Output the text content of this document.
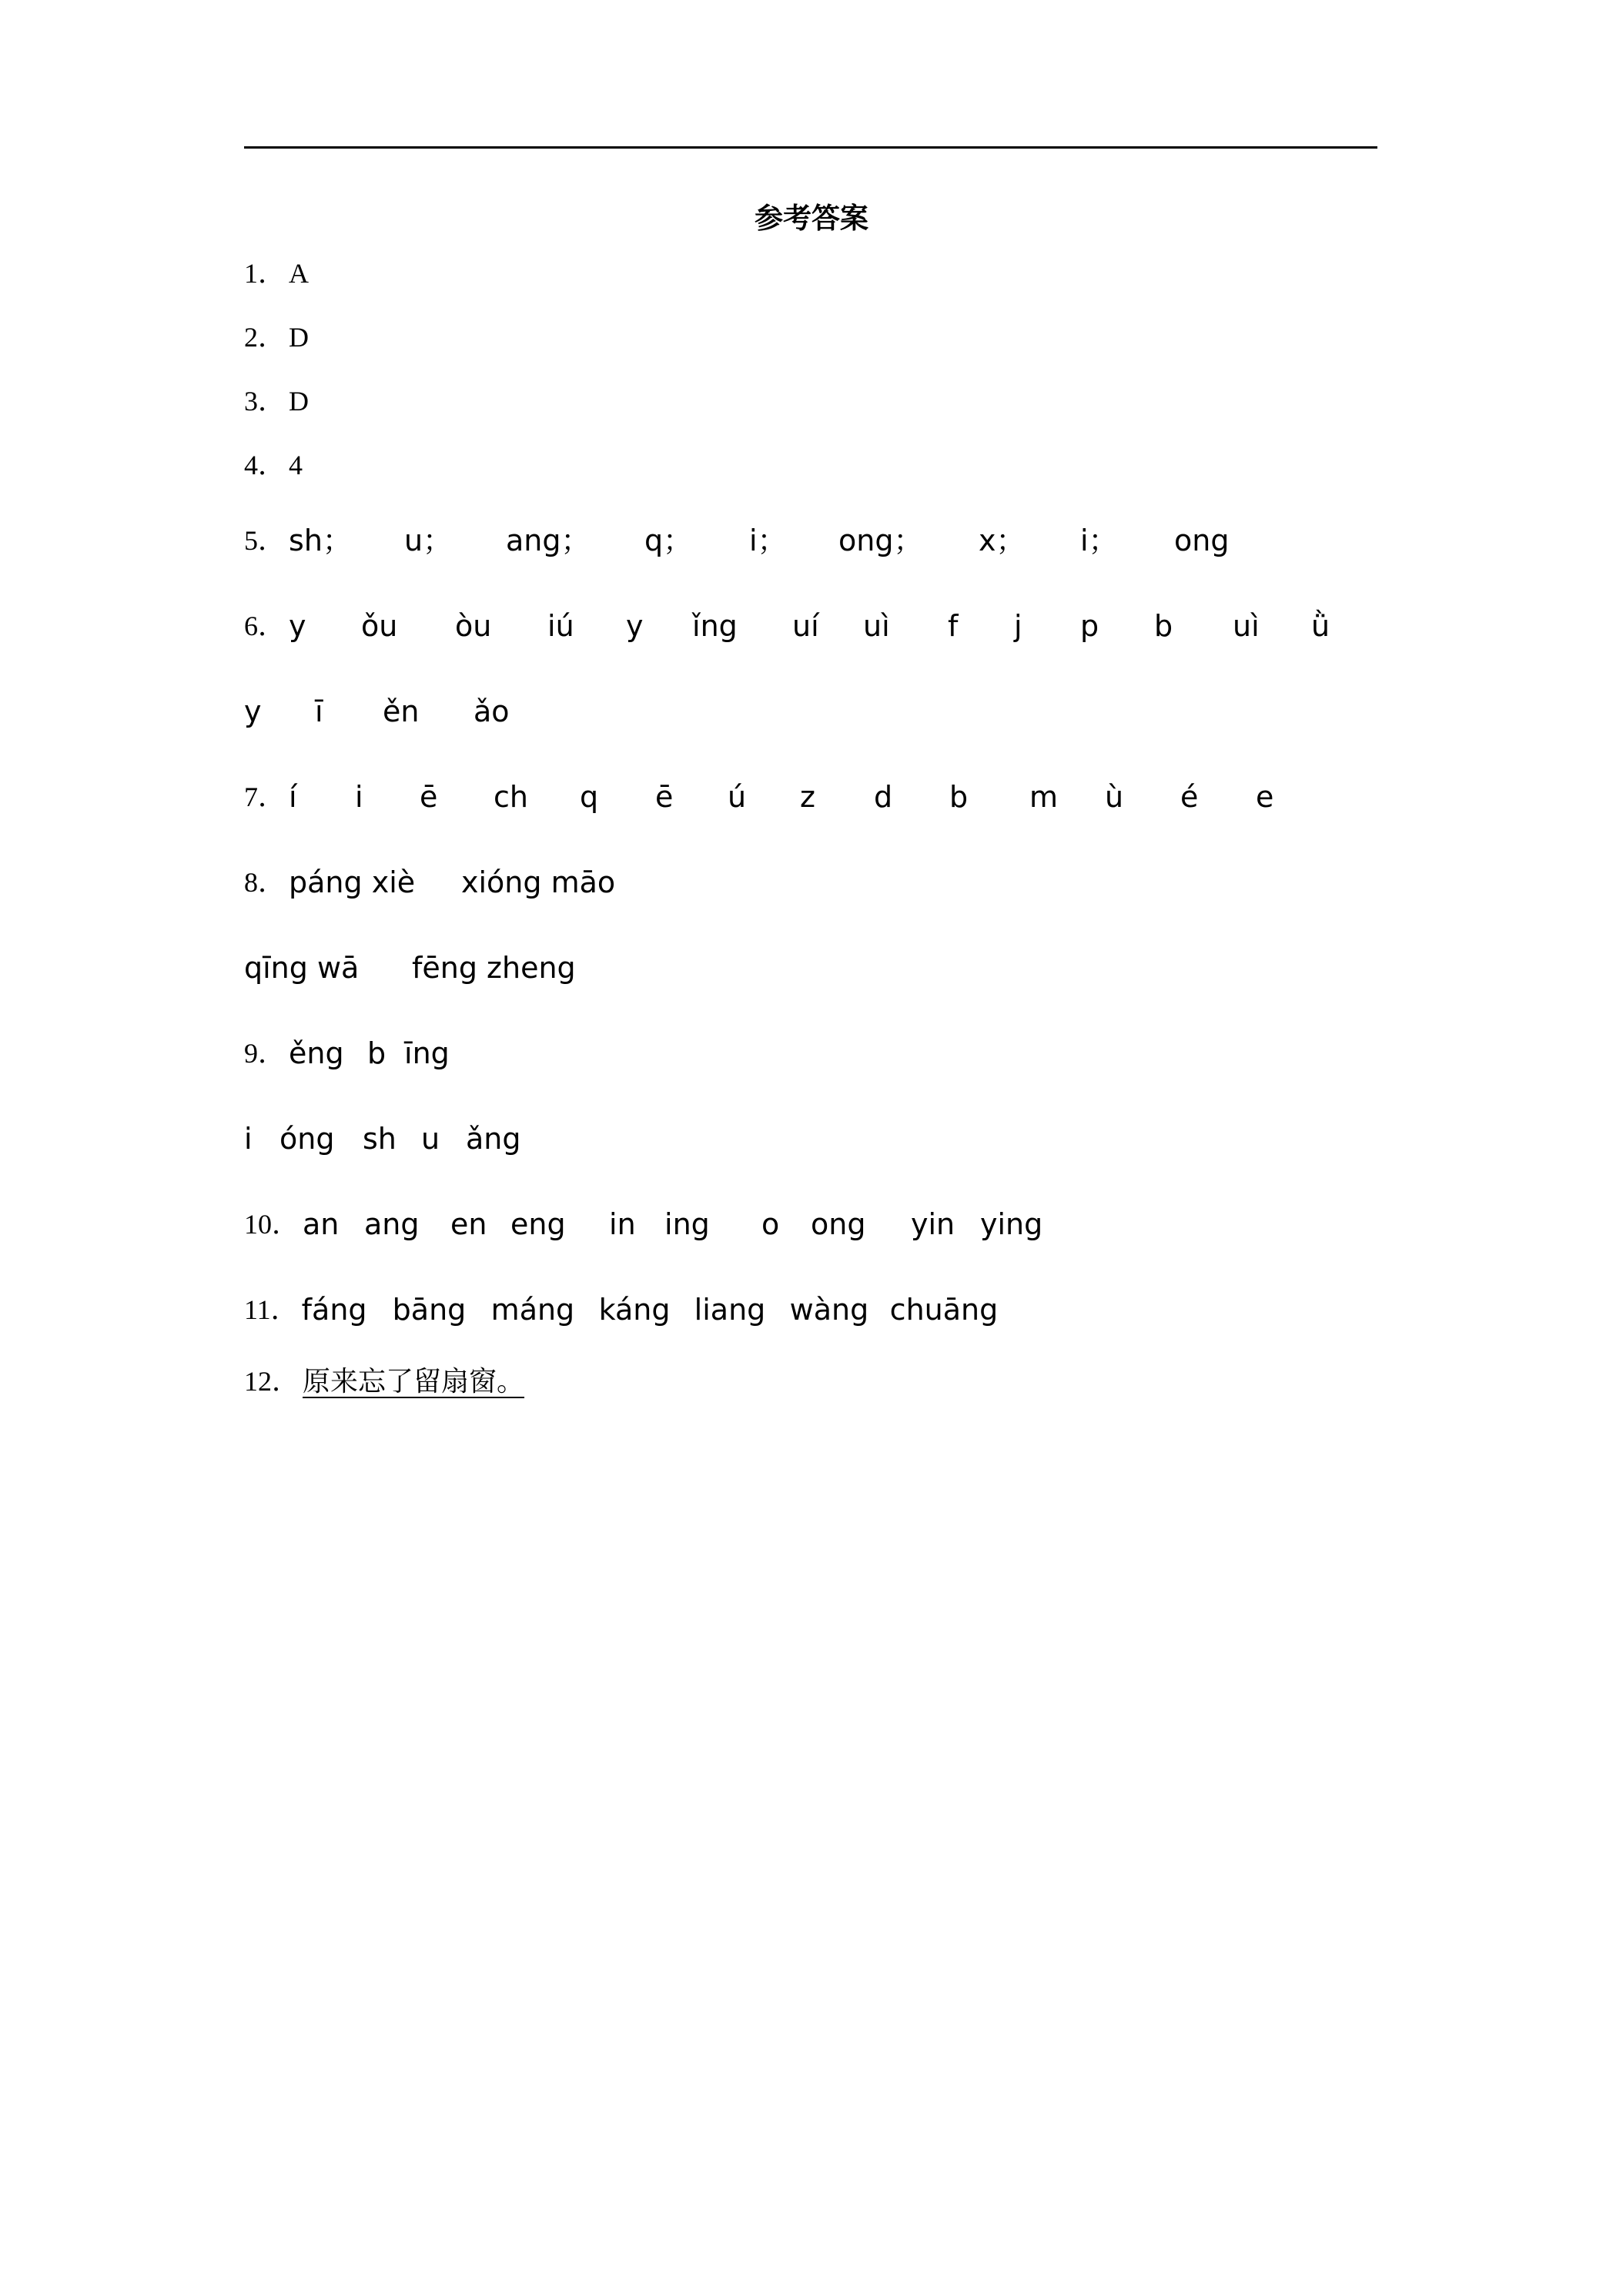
参考答案
1． A
2． D
3． D
4． 4
5． sh； u； ang； q； i； ong； x； i； ong
6． y ǒu òu iú y ǐng uí uì f j p b uì ǜ
y ī ěn ǎo
7． í i ē ch q ē ú z d b m ù é e
8． páng xiè xióng māo
qīng wā fēng zheng
9． ěng b īng
i óng sh u ǎng
10． an ang en eng in ing o ong yin ying
11． fáng bāng máng káng liang wàng chuāng
12． 原来忘了留扇窗。
